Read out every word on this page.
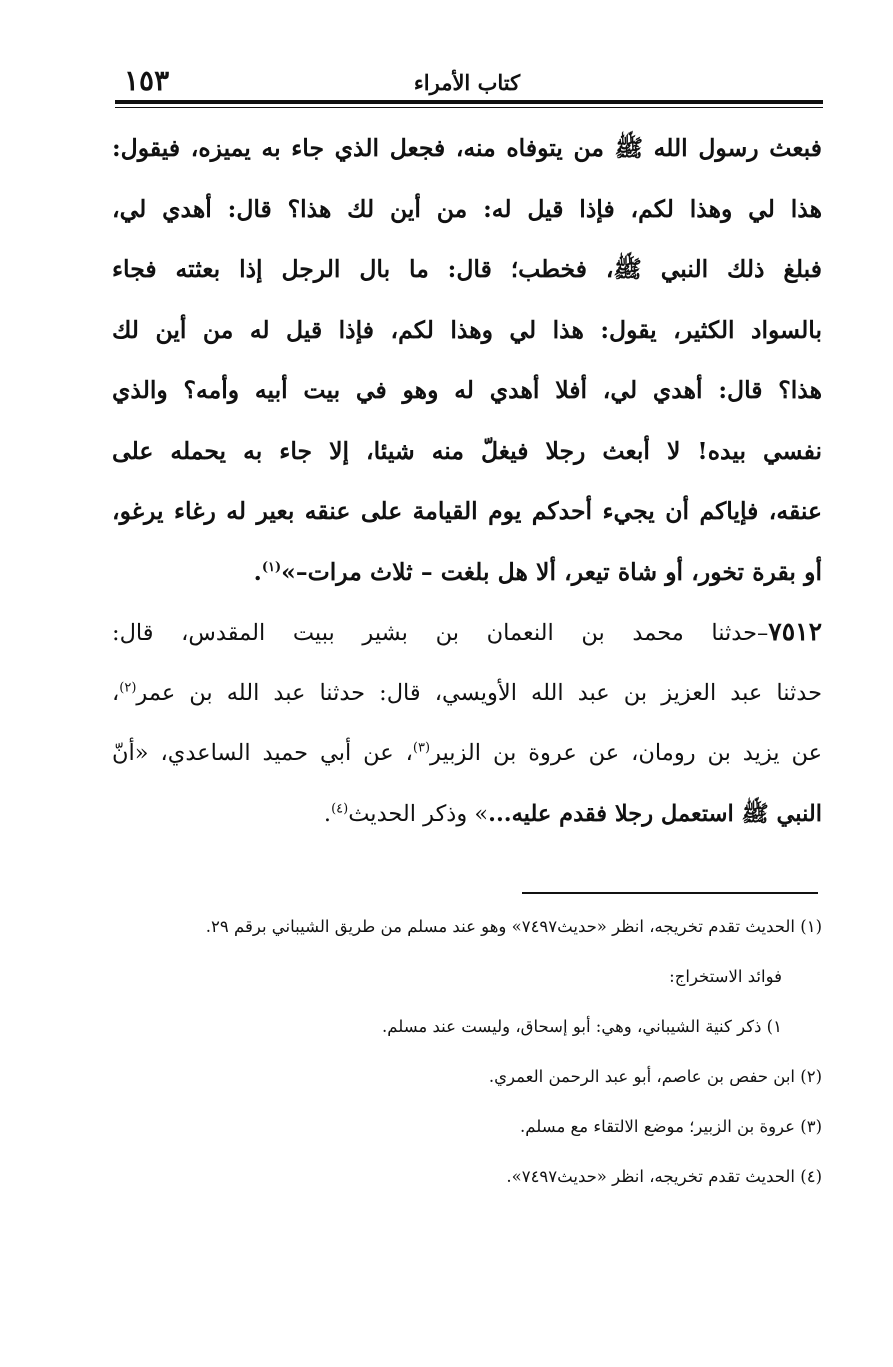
١٥٣	كتاب الأمراء
فبعث رسول الله ﷺ من يتوفاه منه، فجعل الذي جاء به يميزه، فيقول:
هذا لي وهذا لكم، فإذا قيل له: من أين لك هذا؟ قال: أهدي لي،
فبلغ ذلك النبي ﷺ، فخطب؛ قال: ما بال الرجل إذا بعثته فجاء
بالسواد الكثير، يقول: هذا لي وهذا لكم، فإذا قيل له من أين لك
هذا؟ قال: أهدي لي، أفلا أهدي له وهو في بيت أبيه وأمه؟ والذي
نفسي بيده! لا أبعث رجلا فيغلّ منه شيئا، إلا جاء به يحمله على
عنقه، فإياكم أن يجيء أحدكم يوم القيامة على عنقه بعير له رغاء يرغو،
أو بقرة تخور، أو شاة تيعر، ألا هل بلغت – ثلاث مرات–»$^{(١)}$.
٧٥١٢–حدثنا محمد بن النعمان بن بشير ببيت المقدس، قال:
حدثنا عبد العزيز بن عبد الله الأويسي، قال: حدثنا عبد الله بن عمر$^{(٢)}$،
عن يزيد بن رومان، عن عروة بن الزبير$^{(٣)}$، عن أبي حميد الساعدي، «أنّ
النبي ﷺ استعمل رجلا فقدم عليه...» وذكر الحديث$^{(٤)}$.
(١) الحديث تقدم تخريجه، انظر «حديث٧٤٩٧» وهو عند مسلم من طريق الشيباني برقم ٢٩.
فوائد الاستخراج:
١) ذكر كنية الشيباني، وهي: أبو إسحاق، وليست عند مسلم.
(٢) ابن حفص بن عاصم، أبو عبد الرحمن العمري.
(٣) عروة بن الزبير؛ موضع الالتقاء مع مسلم.
(٤) الحديث تقدم تخريجه، انظر «حديث٧٤٩٧».
